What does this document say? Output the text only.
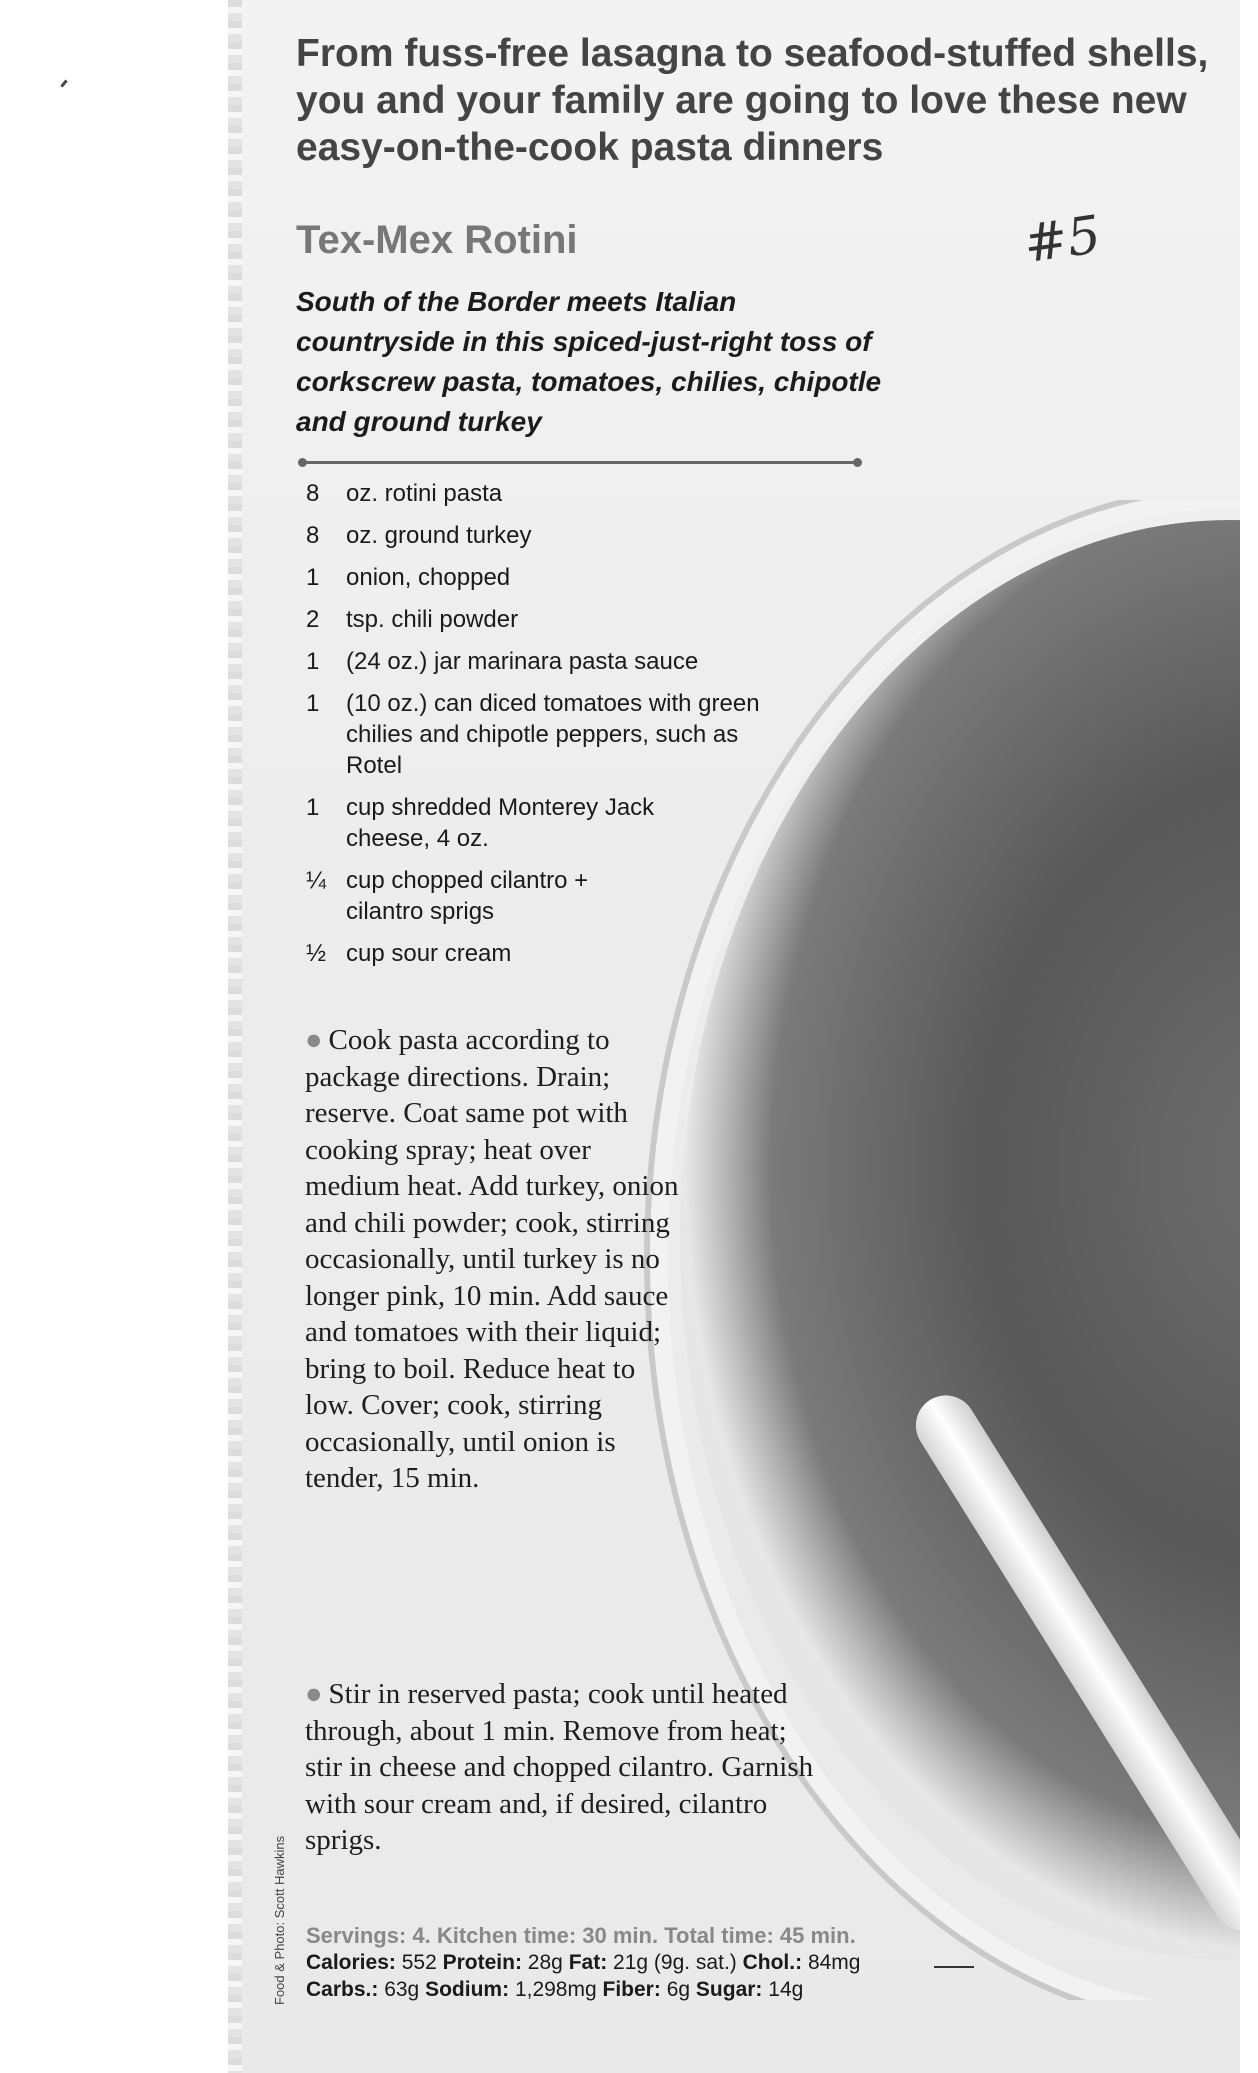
From fuss-free lasagna to seafood-stuffed shells, you and your family are going to love these new easy-on-the-cook pasta dinners
Tex-Mex Rotini	#5
South of the Border meets Italian countryside in this spiced-just-right toss of corkscrew pasta, tomatoes, chilies, chipotle and ground turkey
8	oz. rotini pasta
8	oz. ground turkey
1	onion, chopped
2	tsp. chili powder
1	(24 oz.) jar marinara pasta sauce
1	(10 oz.) can diced tomatoes with green chilies and chipotle peppers, such as Rotel
1	cup shredded Monterey Jack cheese, 4 oz.
¼ cup chopped cilantro + cilantro sprigs
½ cup sour cream

● Cook pasta according to package directions. Drain; reserve. Coat same pot with cooking spray; heat over medium heat. Add turkey, onion and chili powder; cook, stirring occasionally, until turkey is no longer pink, 10 min. Add sauce and tomatoes with their liquid; bring to boil. Reduce heat to low. Cover; cook, stirring occasionally, until onion is tender, 15 min.

● Stir in reserved pasta; cook until heated through, about 1 min. Remove from heat; stir in cheese and chopped cilantro. Garnish with sour cream and, if desired, cilantro sprigs.

Food & Photo: Scott Hawkins Servings: 4. Kitchen time: 30 min. Total time: 45 min.
Calories: 552 Protein: 28g Fat: 21g (9g. sat.) Chol.: 84mg
Carbs.: 63g Sodium: 1,298mg Fiber: 6g Sugar: 14g
